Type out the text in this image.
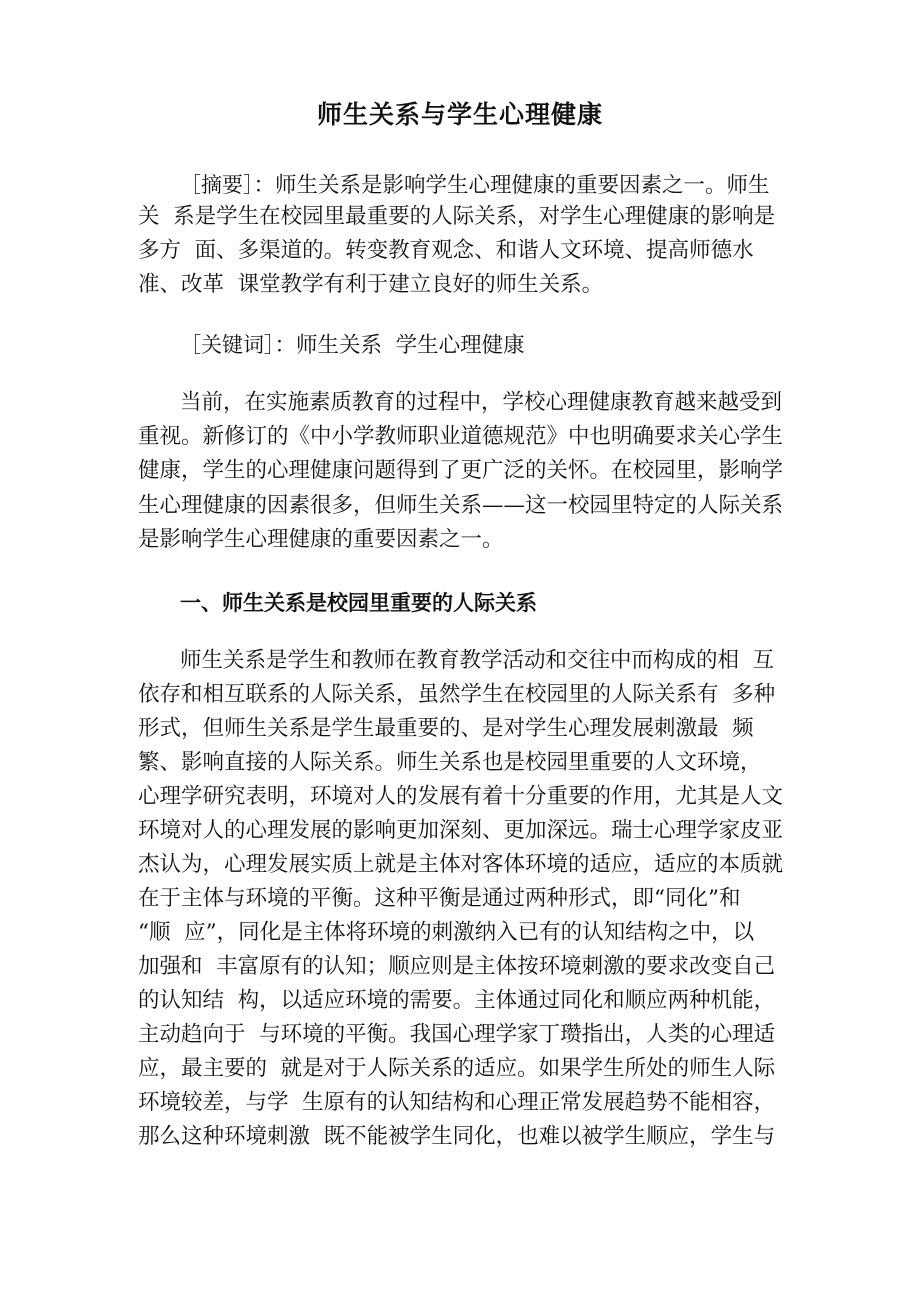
师生关系与学生心理健康
［摘要］：师生关系是影响学生心理健康的重要因素之一。师生
关  系是学生在校园里最重要的人际关系，对学生心理健康的影响是
多方  面、多渠道的。转变教育观念、和谐人文环境、提高师德水
准、改革  课堂教学有利于建立良好的师生关系。
［关键词］：师生关系  学生心理健康
当前，在实施素质教育的过程中，学校心理健康教育越来越受到
重视。新修订的《中小学教师职业道德规范》中也明确要求关心学生
健康，学生的心理健康问题得到了更广泛的关怀。在校园里，影响学
生心理健康的因素很多，但师生关系——这一校园里特定的人际关系
是影响学生心理健康的重要因素之一。
一、师生关系是校园里重要的人际关系
师生关系是学生和教师在教育教学活动和交往中而构成的相  互
依存和相互联系的人际关系，虽然学生在校园里的人际关系有  多种
形式，但师生关系是学生最重要的、是对学生心理发展刺激最  频
繁、影响直接的人际关系。师生关系也是校园里重要的人文环境，
心理学研究表明，环境对人的发展有着十分重要的作用，尤其是人文
环境对人的心理发展的影响更加深刻、更加深远。瑞士心理学家皮亚
杰认为，心理发展实质上就是主体对客体环境的适应，适应的本质就
在于主体与环境的平衡。这种平衡是通过两种形式，即“同化”和
“顺  应”，同化是主体将环境的刺激纳入已有的认知结构之中，以
加强和  丰富原有的认知；顺应则是主体按环境刺激的要求改变自己
的认知结  构，以适应环境的需要。主体通过同化和顺应两种机能，
主动趋向于  与环境的平衡。我国心理学家丁瓒指出，人类的心理适
应，最主要的  就是对于人际关系的适应。如果学生所处的师生人际
环境较差，与学  生原有的认知结构和心理正常发展趋势不能相容，
那么这种环境刺激  既不能被学生同化，也难以被学生顺应，学生与
